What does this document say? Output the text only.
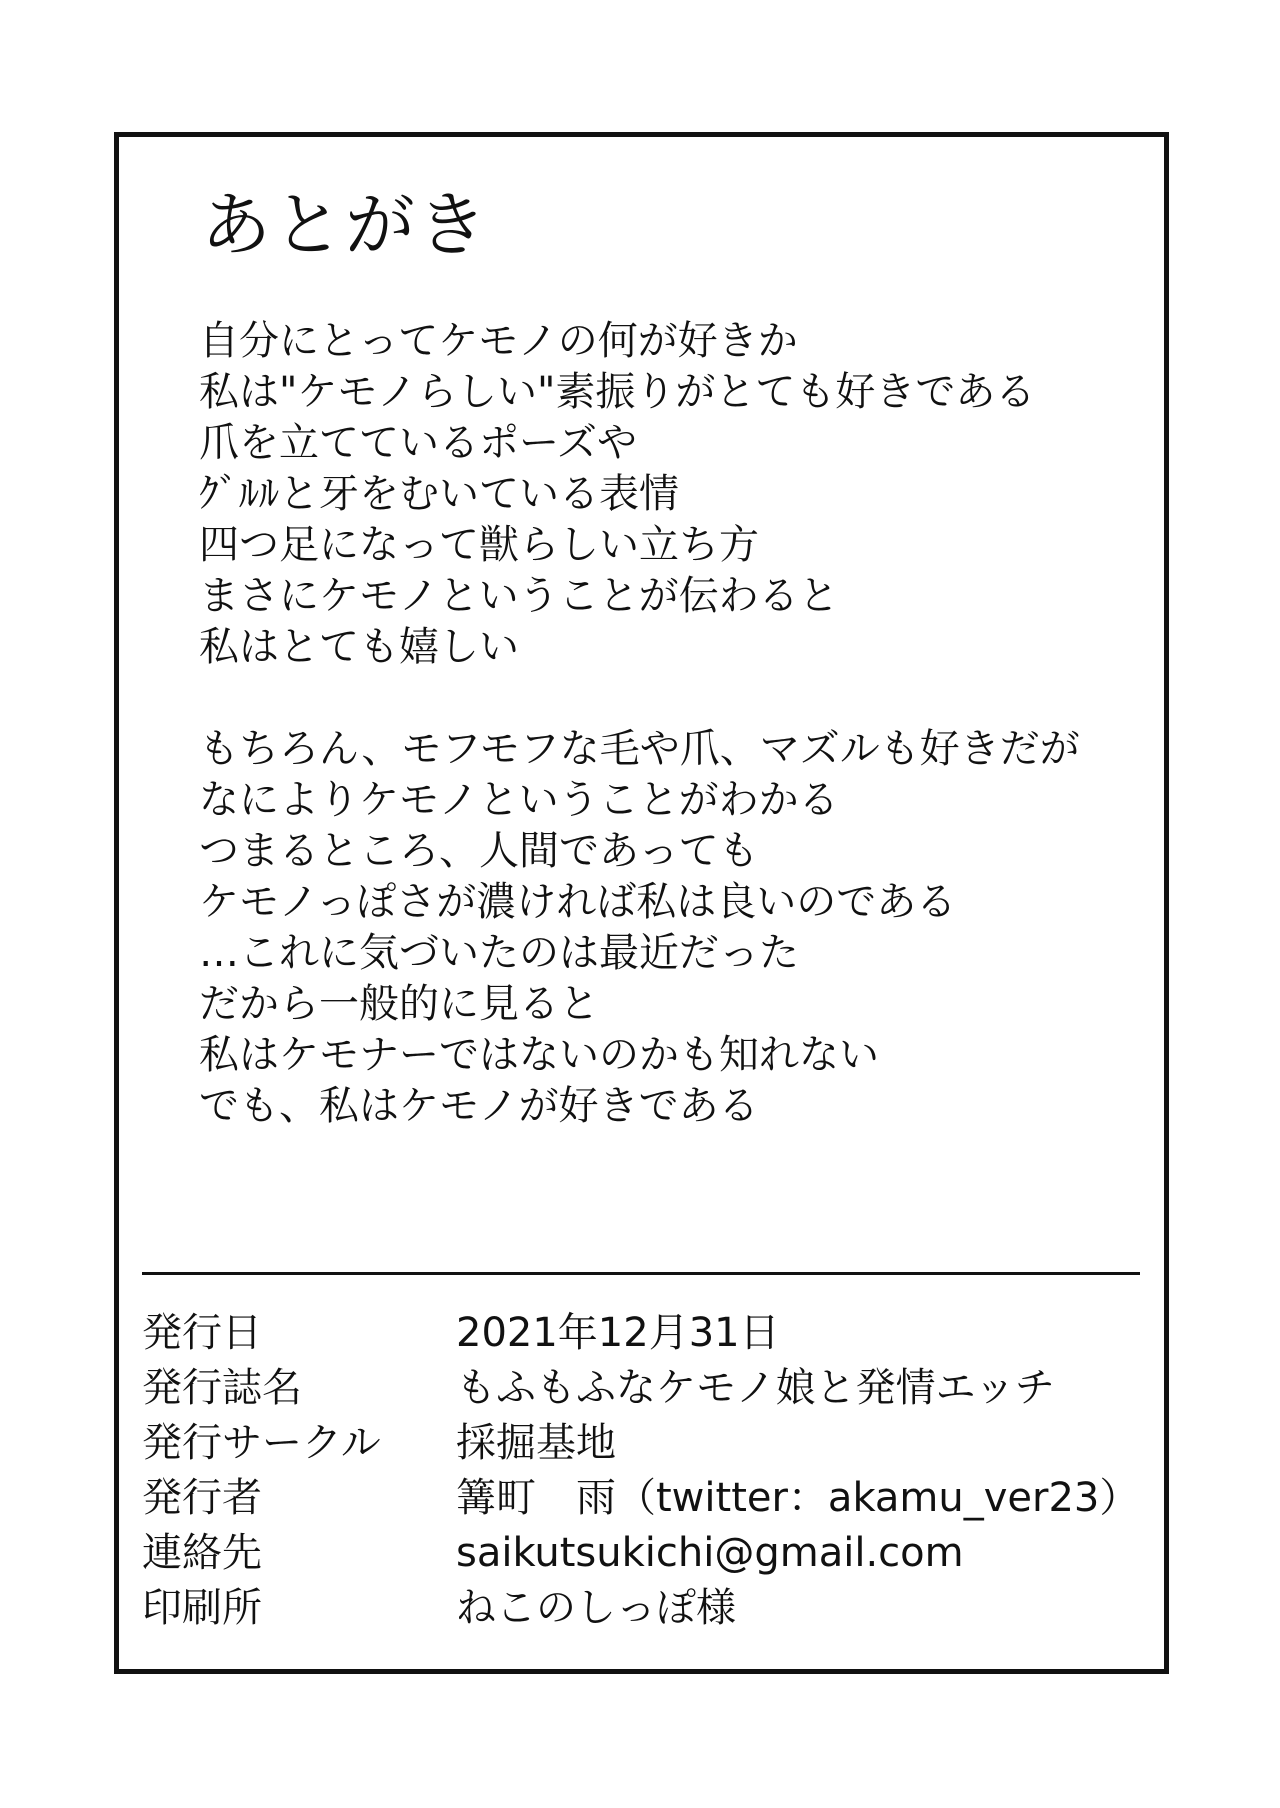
あとがき
自分にとってケモノの何が好きか
私は"ケモノらしい"素振りがとても好きである
爪を立てているポーズや
ｸﾞﾙﾙと牙をむいている表情
四つ足になって獣らしい立ち方
まさにケモノということが伝わると
私はとても嬉しい
もちろん、モフモフな毛や爪、マズルも好きだが
なによりケモノということがわかる
つまるところ、人間であっても
ケモノっぽさが濃ければ私は良いのである
…これに気づいたのは最近だった
だから一般的に見ると
私はケモナーではないのかも知れない
でも、私はケモノが好きである
発行日	2021年12月31日
発行誌名	もふもふなケモノ娘と発情エッチ
発行サークル	採掘基地
発行者	篝町　雨（twitter：akamu_ver23）
連絡先	saikutsukichi@gmail.com
印刷所	ねこのしっぽ様
